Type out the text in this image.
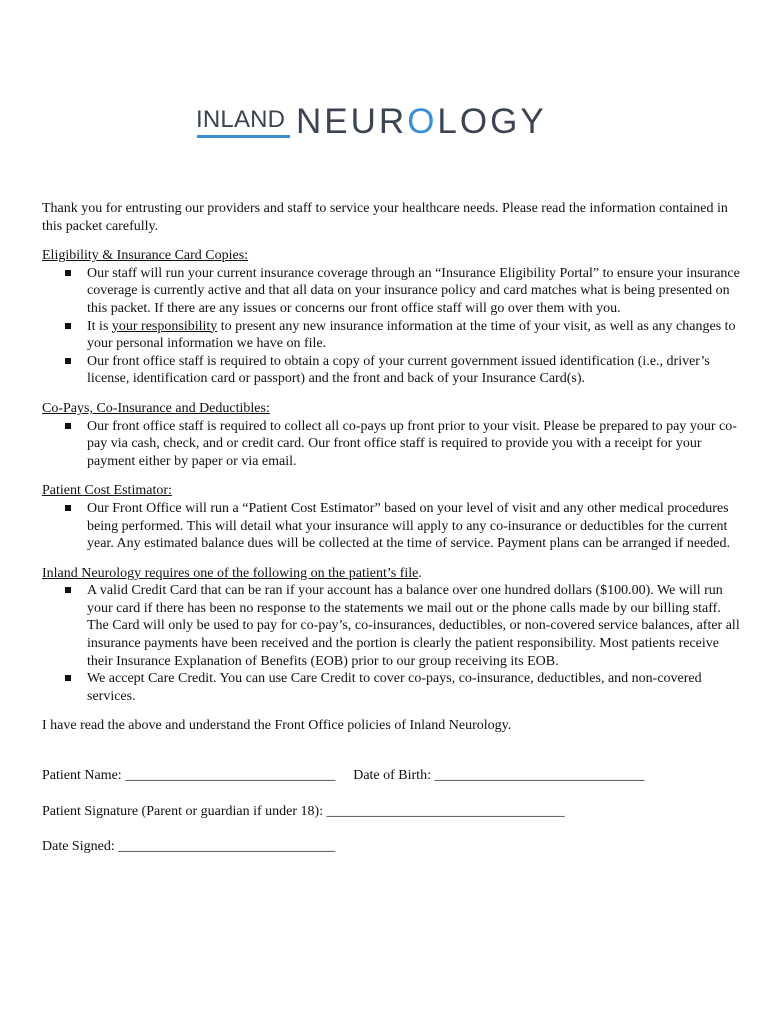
INLAND NEUROLOGY

Thank you for entrusting our providers and staff to service your healthcare needs. Please read the information contained in this packet carefully.

Eligibility & Insurance Card Copies:

Our staff will run your current insurance coverage through an “Insurance Eligibility Portal” to ensure your insurance coverage is currently active and that all data on your insurance policy and card matches what is being presented on this packet. If there are any issues or concerns our front office staff will go over them with you.
It is your responsibility to present any new insurance information at the time of your visit, as well as any changes to your personal information we have on file.
Our front office staff is required to obtain a copy of your current government issued identification (i.e., driver’s license, identification card or passport) and the front and back of your Insurance Card(s).

Co-Pays, Co-Insurance and Deductibles:

Our front office staff is required to collect all co-pays up front prior to your visit. Please be prepared to pay your co-pay via cash, check, and or credit card. Our front office staff is required to provide you with a receipt for your payment either by paper or via email.

Patient Cost Estimator:

Our Front Office will run a “Patient Cost Estimator” based on your level of visit and any other medical procedures being performed. This will detail what your insurance will apply to any co-insurance or deductibles for the current year. Any estimated balance dues will be collected at the time of service. Payment plans can be arranged if needed.

Inland Neurology requires one of the following on the patient’s file.

A valid Credit Card that can be ran if your account has a balance over one hundred dollars ($100.00). We will run your card if there has been no response to the statements we mail out or the phone calls made by our billing staff. The Card will only be used to pay for co-pay’s, co-insurances, deductibles, or non-covered service balances, after all insurance payments have been received and the portion is clearly the patient responsibility. Most patients receive their Insurance Explanation of Benefits (EOB) prior to our group receiving its EOB.
We accept Care Credit. You can use Care Credit to cover co-pays, co-insurance, deductibles, and non-covered services.

I have read the above and understand the Front Office policies of Inland Neurology.

Patient Name: ______________________________ Date of Birth: ______________________________
Patient Signature (Parent or guardian if under 18): __________________________________
Date Signed: _______________________________
